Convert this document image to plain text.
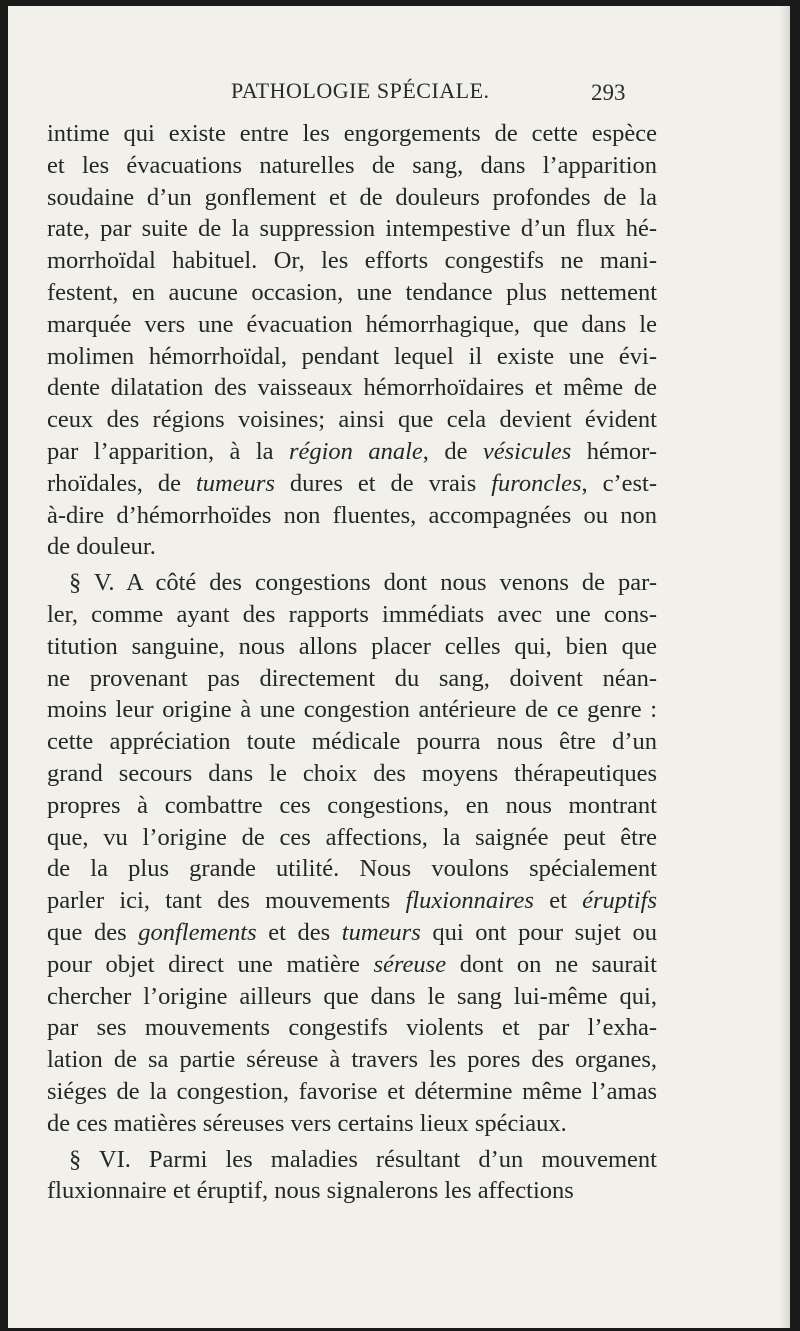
PATHOLOGIE SPÉCIALE.	293
intime qui existe entre les engorgements de cette espèce
et les évacuations naturelles de sang, dans l’apparition
soudaine d’un gonflement et de douleurs profondes de la
rate, par suite de la suppression intempestive d’un flux hé-
morrhoïdal habituel. Or, les efforts congestifs ne mani-
festent, en aucune occasion, une tendance plus nettement
marquée vers une évacuation hémorrhagique, que dans le
molimen hémorrhoïdal, pendant lequel il existe une évi-
dente dilatation des vaisseaux hémorrhoïdaires et même de
ceux des régions voisines; ainsi que cela devient évident
par l’apparition, à la région anale, de vésicules hémor-
rhoïdales, de tumeurs dures et de vrais furoncles, c’est-
à-dire d’hémorrhoïdes non fluentes, accompagnées ou non
de douleur.
§ V. A côté des congestions dont nous venons de par-
ler, comme ayant des rapports immédiats avec une cons-
titution sanguine, nous allons placer celles qui, bien que
ne provenant pas directement du sang, doivent néan-
moins leur origine à une congestion antérieure de ce genre :
cette appréciation toute médicale pourra nous être d’un
grand secours dans le choix des moyens thérapeutiques
propres à combattre ces congestions, en nous montrant
que, vu l’origine de ces affections, la saignée peut être
de la plus grande utilité. Nous voulons spécialement
parler ici, tant des mouvements fluxionnaires et éruptifs
que des gonflements et des tumeurs qui ont pour sujet ou
pour objet direct une matière séreuse dont on ne saurait
chercher l’origine ailleurs que dans le sang lui-même qui,
par ses mouvements congestifs violents et par l’exha-
lation de sa partie séreuse à travers les pores des organes,
siéges de la congestion, favorise et détermine même l’amas
de ces matières séreuses vers certains lieux spéciaux.
§ VI. Parmi les maladies résultant d’un mouvement
fluxionnaire et éruptif, nous signalerons les affections
